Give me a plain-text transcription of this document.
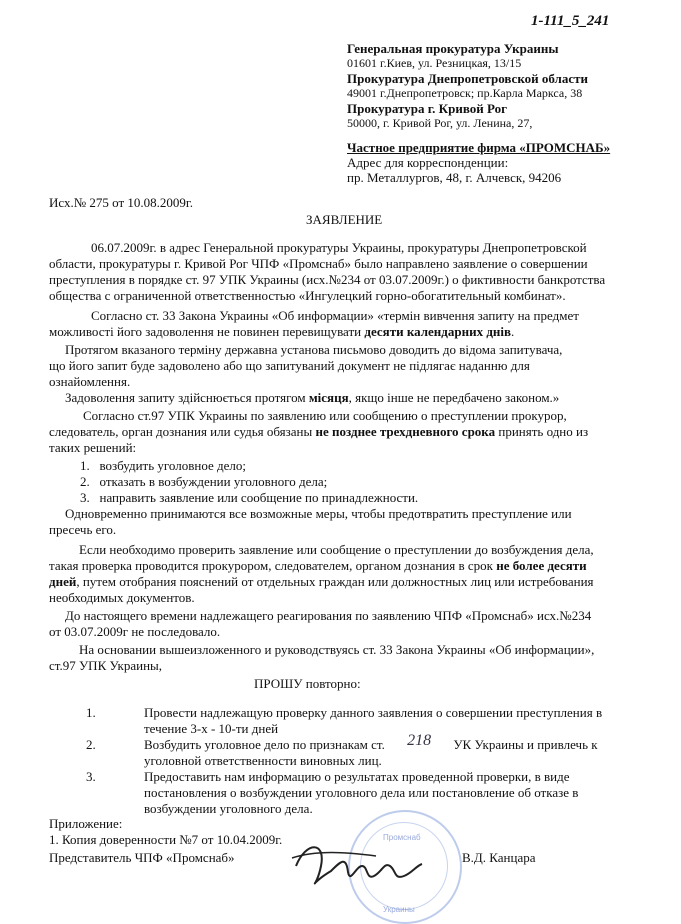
1-111_5_241
Генеральная прокуратура Украины
01601 г.Киев, ул. Резницкая, 13/15
Прокуратура Днепропетровской области
49001 г.Днепропетровск; пр.Карла Маркса, 38
Прокуратура г. Кривой Рог
50000, г. Кривой Рог, ул. Ленина, 27,
Частное предприятие фирма «ПРОМСНАБ»
Адрес для корреспонденции:
пр. Металлургов, 48, г. Алчевск, 94206
Исх.№ 275 от 10.08.2009г.
ЗАЯВЛЕНИЕ
06.07.2009г. в адрес Генеральной прокуратуры Украины, прокуратуры Днепропетровской
области, прокуратуры г. Кривой Рог ЧПФ «Промснаб» было направлено заявление о совершении
преступления в порядке ст. 97 УПК Украины (исх.№234 от 03.07.2009г.) о фиктивности банкротства
общества с ограниченной ответственностью «Ингулецкий горно-обогатительный комбинат».
Согласно ст. 33 Закона Украины «Об информации» «термін вивчення запиту на предмет
можливості його задоволення не повинен перевищувати десяти календарних днів.
Протягом вказаного терміну державна установа письмово доводить до відома запитувача,
що його запит буде задоволено або що запитуваний документ не підлягає наданню для
ознайомлення.
Задоволення запиту здійснюється протягом місяця, якщо інше не передбачено законом.»
Согласно ст.97 УПК Украины по заявлению или сообщению о преступлении прокурор,
следователь, орган дознания или судья обязаны не позднее трехдневного срока принять одно из
таких решений:
1. возбудить уголовное дело;
2. отказать в возбуждении уголовного дела;
3. направить заявление или сообщение по принадлежности.
Одновременно принимаются все возможные меры, чтобы предотвратить преступление или
пресечь его.
Если необходимо проверить заявление или сообщение о преступлении до возбуждения дела,
такая проверка проводится прокурором, следователем, органом дознания в срок не более десяти
дней, путем отобрания пояснений от отдельных граждан или должностных лиц или истребования
необходимых документов.
До настоящего времени надлежащего реагирования по заявлению ЧПФ «Промснаб» исх.№234
от 03.07.2009г не последовало.
На основании вышеизложенного и руководствуясь ст. 33 Закона Украины «Об информации»,
ст.97 УПК Украины,
ПРОШУ повторно:
1.	Провести надлежащую проверку данного заявления о совершении преступления в
течение 3-х - 10-ти дней
2.	Возбудить уголовное дело по признакам ст. 218 УК Украины и привлечь к
уголовной ответственности виновных лиц.
3.	Предоставить нам информацию о результатах проведенной проверки, в виде
постановления о возбуждении уголовного дела или постановление об отказе в
возбуждении уголовного дела.
Приложение:
1. Копия доверенности №7 от 10.04.2009г.
Представитель ЧПФ «Промснаб»	В.Д. Канцара
Промснаб
Украины
